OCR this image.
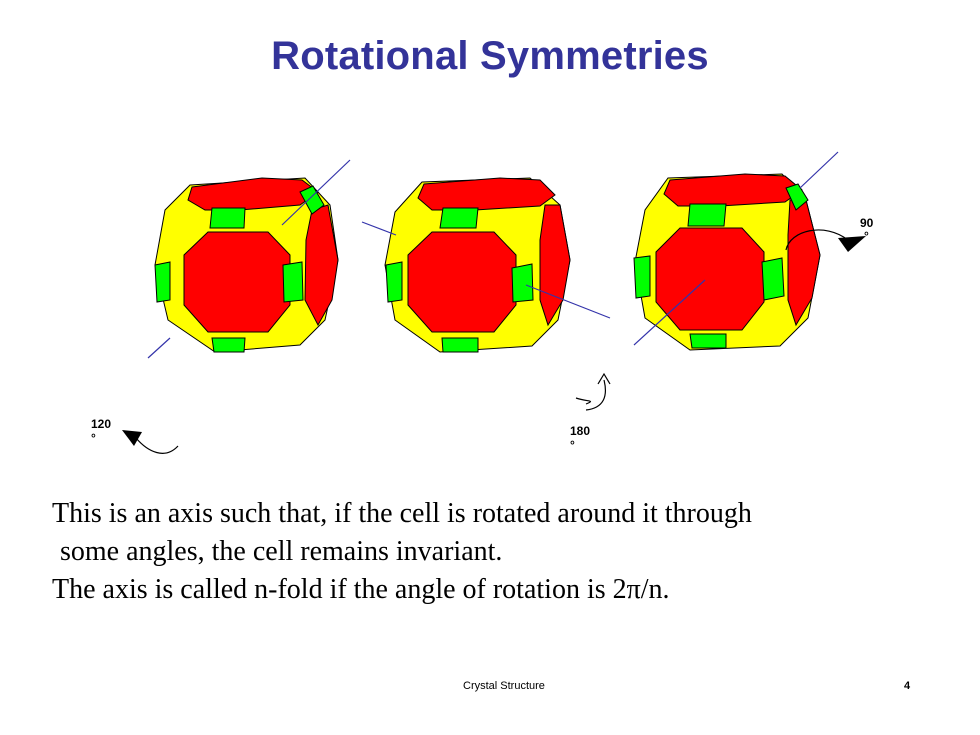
Rotational Symmetries
90
°
120
°	180
°

This is an axis such that, if the cell is rotated around it through

some angles, the cell remains invariant.

The axis is called n-fold if the angle of rotation is 2π/n.

Crystal Structure	4
